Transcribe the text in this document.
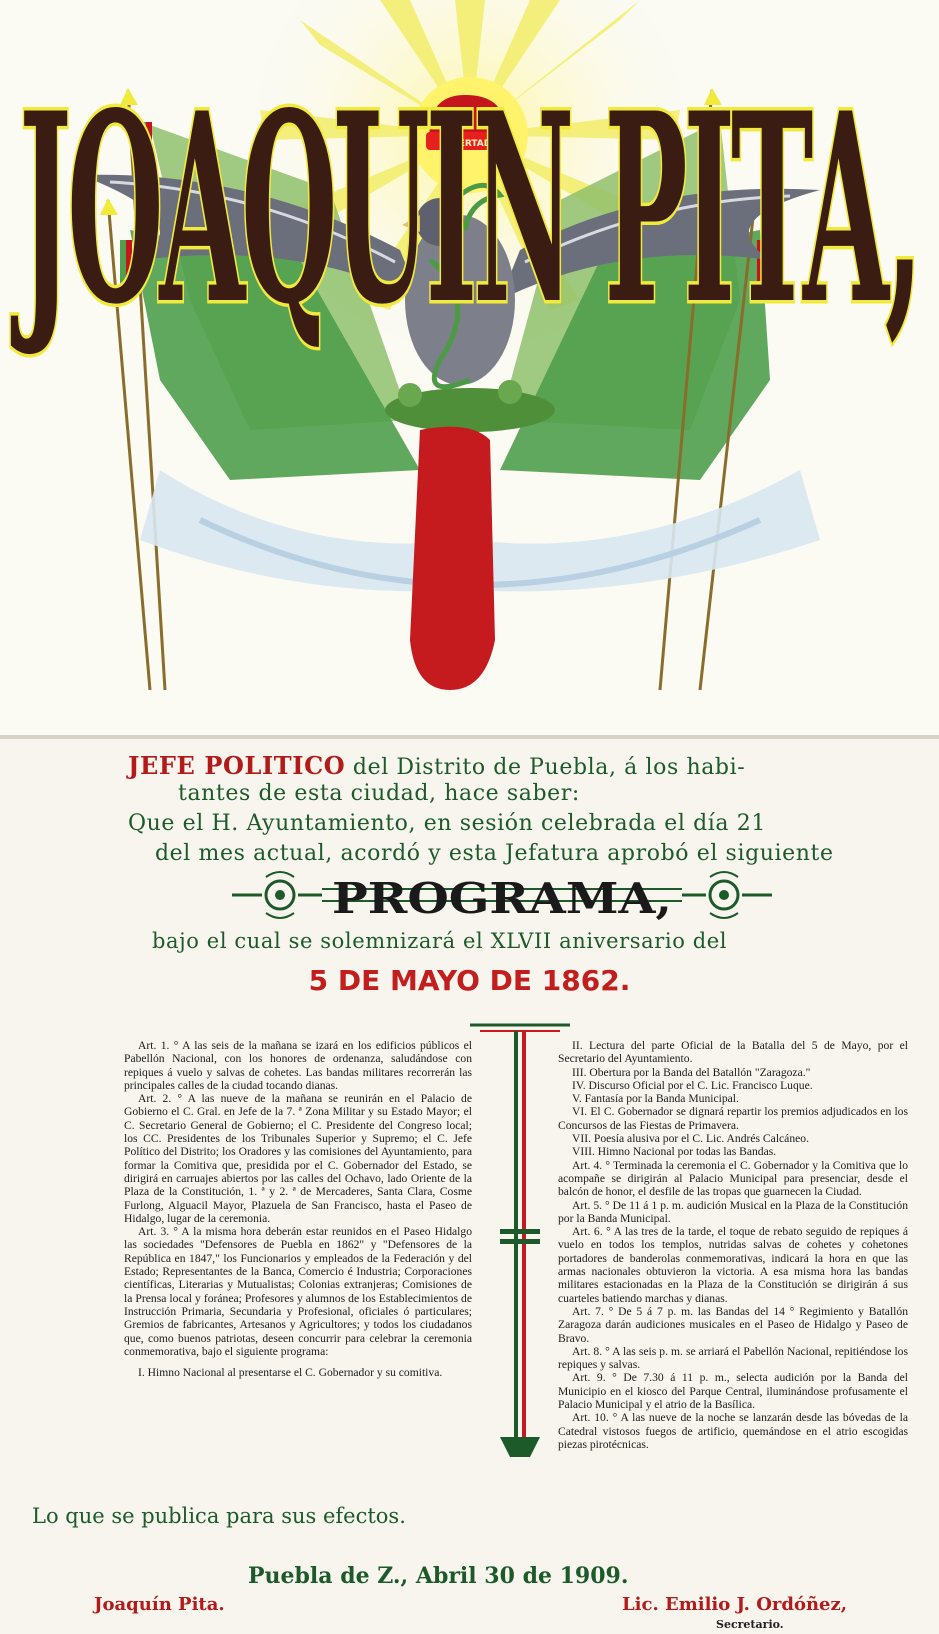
LIBERTAD
JOAQUIN PITA,
JEFE POLITICO del Distrito de Puebla, á los habi-
tantes de esta ciudad, hace saber:
Que el H. Ayuntamiento, en sesión celebrada el día 21
del mes actual, acordó y esta Jefatura aprobó el siguiente
PROGRAMA,
bajo el cual se solemnizará el XLVII aniversario del
5 DE MAYO DE 1862.

Art. 1. ° A las seis de la mañana se izará en los edificios públicos el Pabellón Nacional, con los honores de ordenanza, saludándose con repiques á vuelo y salvas de cohetes. Las bandas militares recorrerán las principales calles de la ciudad tocando dianas.

Art. 2. ° A las nueve de la mañana se reunirán en el Palacio de Gobierno el C. Gral. en Jefe de la 7. ª Zona Militar y su Estado Mayor; el C. Secretario General de Gobierno; el C. Presidente del Congreso local; los CC. Presidentes de los Tribunales Superior y Supremo; el C. Jefe Político del Distrito; los Oradores y las comisiones del Ayuntamiento, para formar la Comitiva que, presidida por el C. Gobernador del Estado, se dirigirá en carruajes abiertos por las calles del Ochavo, lado Oriente de la Plaza de la Constitución, 1. ª y 2. ª de Mercaderes, Santa Clara, Cosme Furlong, Alguacil Mayor, Plazuela de San Francisco, hasta el Paseo de Hidalgo, lugar de la ceremonia.

Art. 3. ° A la misma hora deberán estar reunidos en el Paseo Hidalgo las sociedades "Defensores de Puebla en 1862" y "Defensores de la República en 1847," los Funcionarios y empleados de la Federación y del Estado; Representantes de la Banca, Comercio é Industria; Corporaciones científicas, Literarias y Mutualistas; Colonias extranjeras; Comisiones de la Prensa local y foránea; Profesores y alumnos de los Establecimientos de Instrucción Primaria, Secundaria y Profesional, oficiales ó particulares; Gremios de fabricantes, Artesanos y Agricultores; y todos los ciudadanos que, como buenos patriotas, deseen concurrir para celebrar la ceremonia conmemorativa, bajo el siguiente programa:

I. Himno Nacional al presentarse el C. Gobernador y su comitiva.

II. Lectura del parte Oficial de la Batalla del 5 de Mayo, por el Secretario del Ayuntamiento.

III. Obertura por la Banda del Batallón "Zaragoza."

IV. Discurso Oficial por el C. Lic. Francisco Luque.

V. Fantasía por la Banda Municipal.

VI. El C. Gobernador se dignará repartir los premios adjudicados en los Concursos de las Fiestas de Primavera.

VII. Poesía alusiva por el C. Lic. Andrés Calcáneo.

VIII. Himno Nacional por todas las Bandas.

Art. 4. ° Terminada la ceremonia el C. Gobernador y la Comitiva que lo acompañe se dirigirán al Palacio Municipal para presenciar, desde el balcón de honor, el desfile de las tropas que guarnecen la Ciudad.

Art. 5. ° De 11 á 1 p. m. audición Musical en la Plaza de la Constitución por la Banda Municipal.

Art. 6. ° A las tres de la tarde, el toque de rebato seguido de repiques á vuelo en todos los templos, nutridas salvas de cohetes y cohetones portadores de banderolas conmemorativas, indicará la hora en que las armas nacionales obtuvieron la victoria. A esa misma hora las bandas militares estacionadas en la Plaza de la Constitución se dirigirán á sus cuarteles batiendo marchas y dianas.

Art. 7. ° De 5 á 7 p. m. las Bandas del 14 ° Regimiento y Batallón Zaragoza darán audiciones musicales en el Paseo de Hidalgo y Paseo de Bravo.

Art. 8. ° A las seis p. m. se arriará el Pabellón Nacional, repitiéndose los repiques y salvas.

Art. 9. ° De 7.30 á 11 p. m., selecta audición por la Banda del Municipio en el kiosco del Parque Central, iluminándose profusamente el Palacio Municipal y el atrio de la Basílica.

Art. 10. ° A las nueve de la noche se lanzarán desde las bóvedas de la Catedral vistosos fuegos de artificio, quemándose en el atrio escogidas piezas pirotécnicas.

Lo que se publica para sus efectos.
Puebla de Z., Abril 30 de 1909.
Joaquín Pita.	Lic. Emilio J. Ordóñez,
Secretario.
